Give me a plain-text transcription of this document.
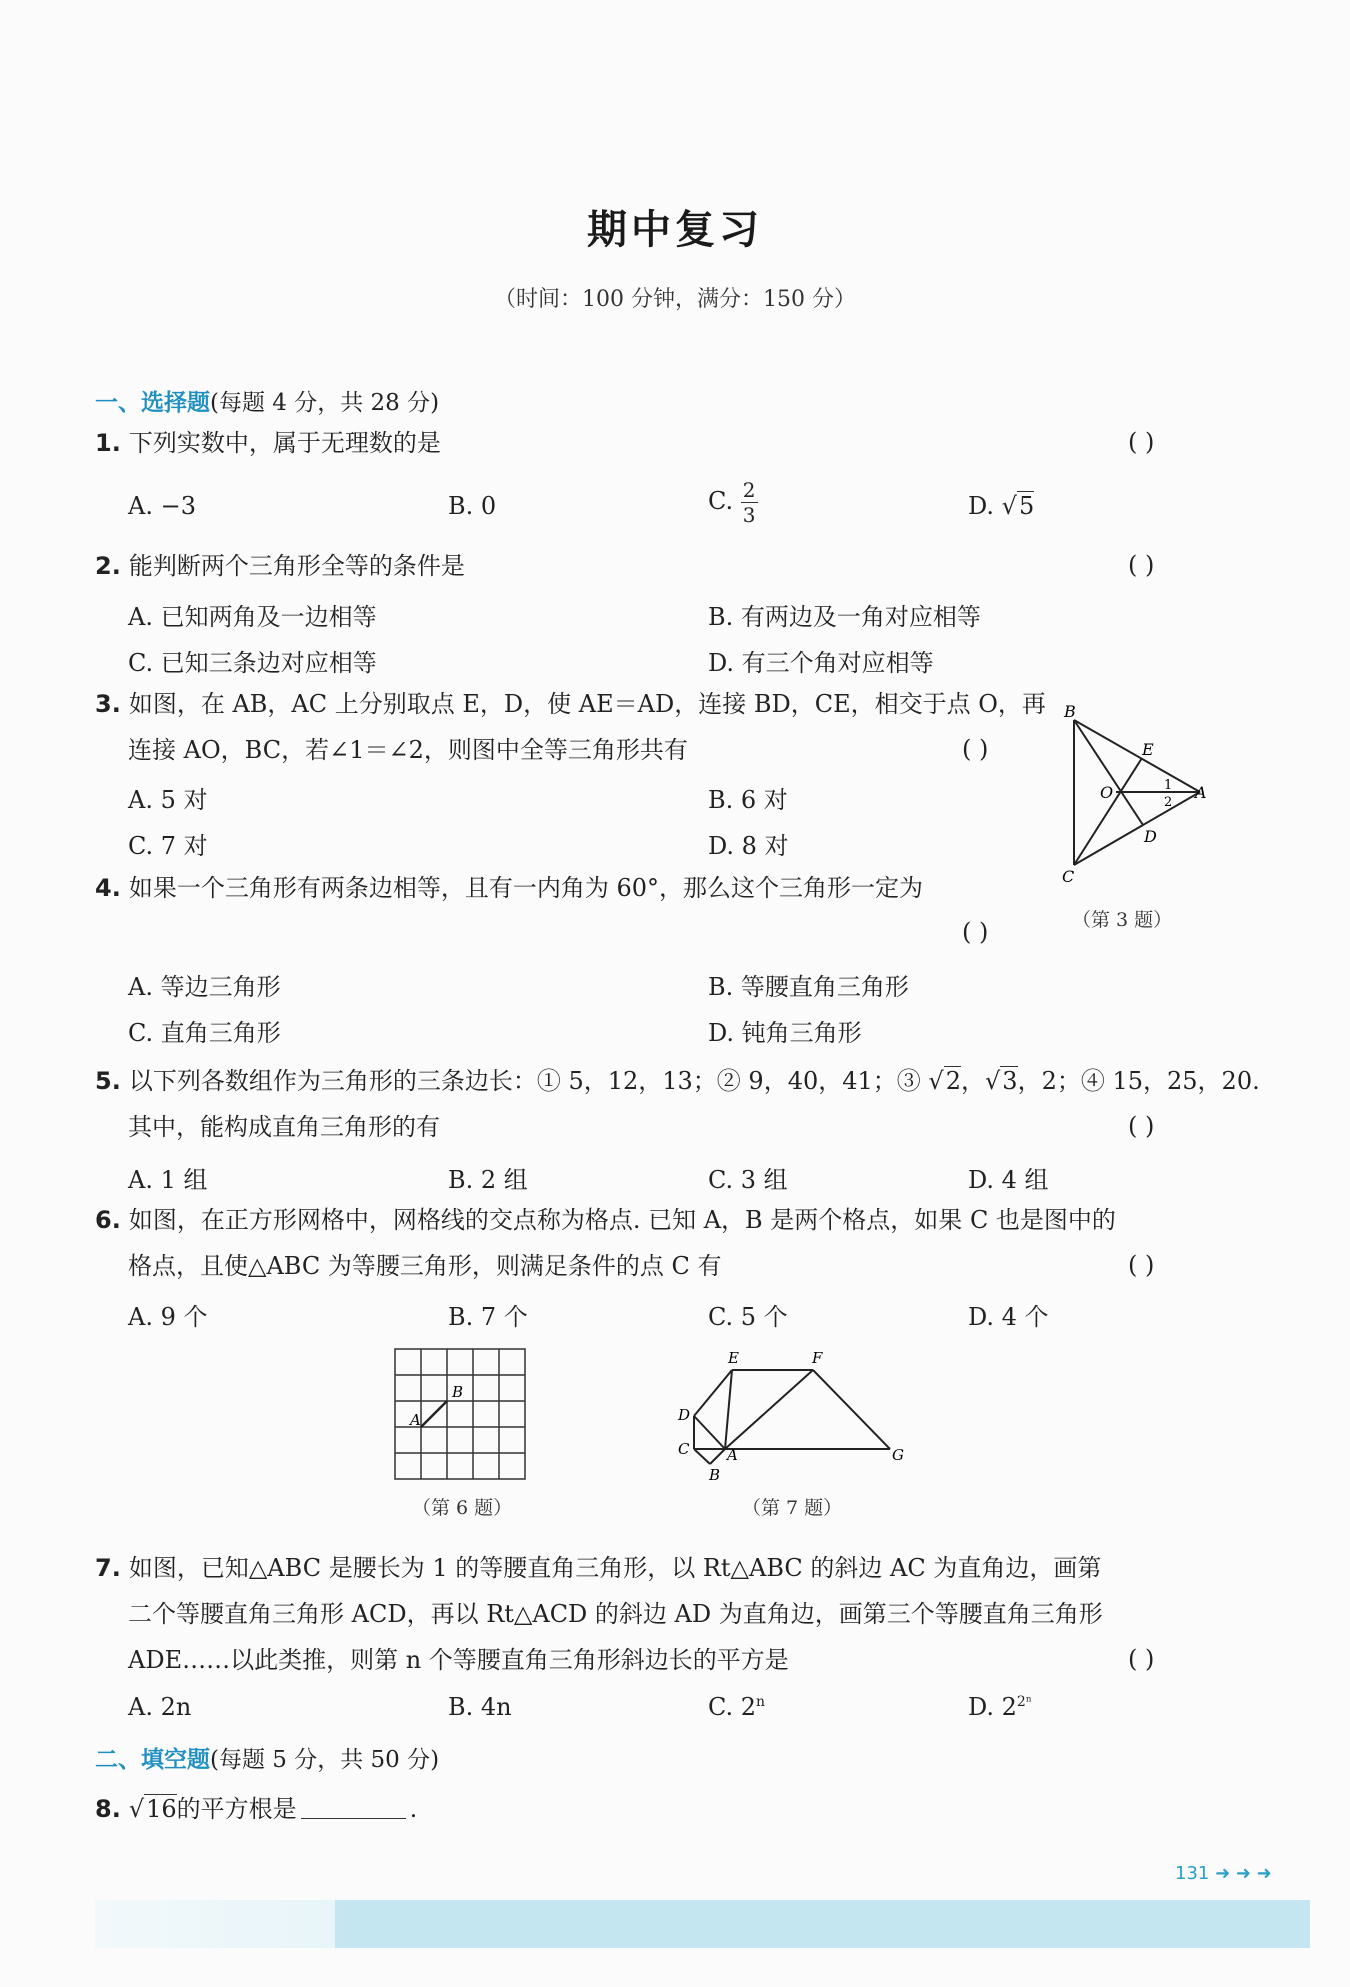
期中复习
（时间：100 分钟，满分：150 分）
一、选择题(每题 4 分，共 28 分)
1. 下列实数中，属于无理数的是	( )
A. −3	B. 0	C. $\frac{2}{3}$	D. √5
2. 能判断两个三角形全等的条件是	( )
A. 已知两角及一边相等	B. 有两边及一角对应相等
C. 已知三条边对应相等	D. 有三个角对应相等
3. 如图，在 AB，AC 上分别取点 E，D，使 AE＝AD，连接 BD，CE，相交于点 O，再
连接 AO，BC，若∠1＝∠2，则图中全等三角形共有	( )
A. 5 对	B. 6 对
C. 7 对	D. 8 对
B
E
O	A
D
C
1
2
（第 3 题）
4. 如果一个三角形有两条边相等，且有一内角为 60°，那么这个三角形一定为
( )
A. 等边三角形	B. 等腰直角三角形
C. 直角三角形	D. 钝角三角形
5. 以下列各数组作为三角形的三条边长：① 5，12，13；② 9，40，41；③ √2，√3，2；④ 15，25，20.
其中，能构成直角三角形的有	( )
A. 1 组	B. 2 组	C. 3 组	D. 4 组
6. 如图，在正方形网格中，网格线的交点称为格点. 已知 A，B 是两个格点，如果 C 也是图中的
格点，且使△ABC 为等腰三角形，则满足条件的点 C 有	( )
A. 9 个	B. 7 个	C. 5 个	D. 4 个
A
B
（第 6 题）
E	F
D
C	A
B
G
（第 7 题）
7. 如图，已知△ABC 是腰长为 1 的等腰直角三角形，以 Rt△ABC 的斜边 AC 为直角边，画第
二个等腰直角三角形 ACD，再以 Rt△ACD 的斜边 AD 为直角边，画第三个等腰直角三角形
ADE……以此类推，则第 n 个等腰直角三角形斜边长的平方是	( )
A. 2n	B. 4n	C. 2$^n$	D. $2^{2^n}$
二、填空题(每题 5 分，共 50 分)
8. √16的平方根是	.
131 ➜ ➜ ➜
